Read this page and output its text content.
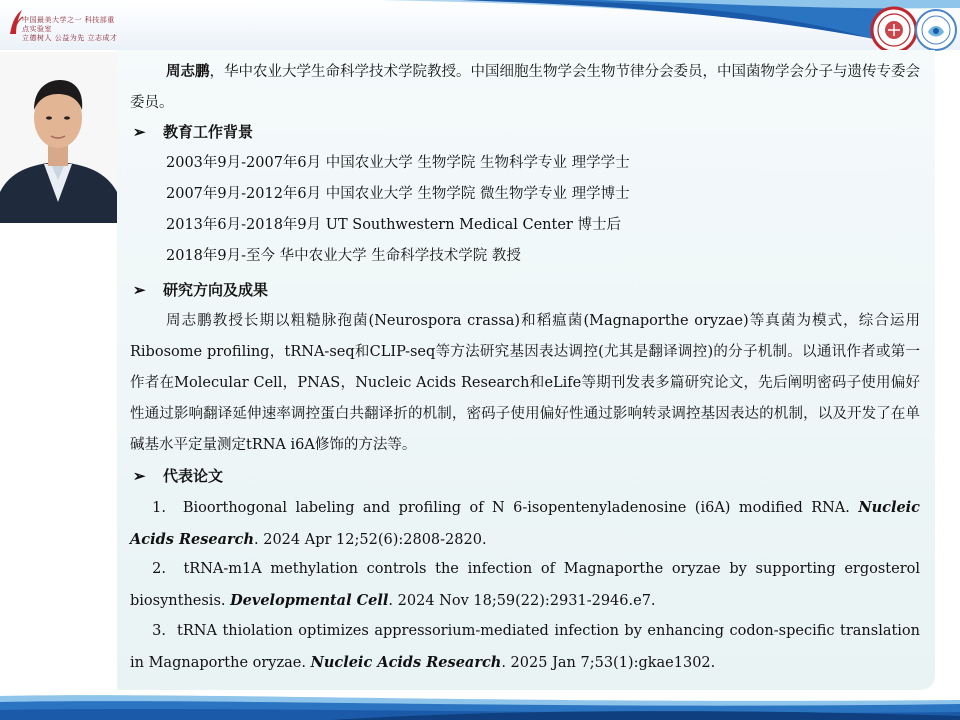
中国最美大学之一 科技部重点实验室
立德树人 公益为先 立志成才
周志鹏，华中农业大学生命科学技术学院教授。中国细胞生物学会生物节律分会委员，中国菌物学会分子与遗传专委会委员。
➢ 教育工作背景
2003年9月-2007年6月 中国农业大学 生物学院 生物科学专业 理学学士
2007年9月-2012年6月 中国农业大学 生物学院 微生物学专业 理学博士
2013年6月-2018年9月 UT Southwestern Medical Center 博士后
2018年9月-至今 华中农业大学 生命科学技术学院 教授
➢ 研究方向及成果
周志鹏教授长期以粗糙脉孢菌(Neurospora crassa)和稻瘟菌(Magnaporthe oryzae)等真菌为模式，综合运用Ribosome profiling，tRNA-seq和CLIP-seq等方法研究基因表达调控(尤其是翻译调控)的分子机制。以通讯作者或第一作者在Molecular Cell，PNAS，Nucleic Acids Research和eLife等期刊发表多篇研究论文，先后阐明密码子使用偏好性通过影响翻译延伸速率调控蛋白共翻译折的机制，密码子使用偏好性通过影响转录调控基因表达的机制，以及开发了在单碱基水平定量测定tRNA i6A修饰的方法等。
➢ 代表论文
1. Bioorthogonal labeling and profiling of N 6-isopentenyladenosine (i6A) modified RNA. Nucleic Acids Research. 2024 Apr 12;52(6):2808-2820.
2. tRNA-m1A methylation controls the infection of Magnaporthe oryzae by supporting ergosterol biosynthesis. Developmental Cell. 2024 Nov 18;59(22):2931-2946.e7.
3. tRNA thiolation optimizes appressorium-mediated infection by enhancing codon-specific translation in Magnaporthe oryzae. Nucleic Acids Research. 2025 Jan 7;53(1):gkae1302.
